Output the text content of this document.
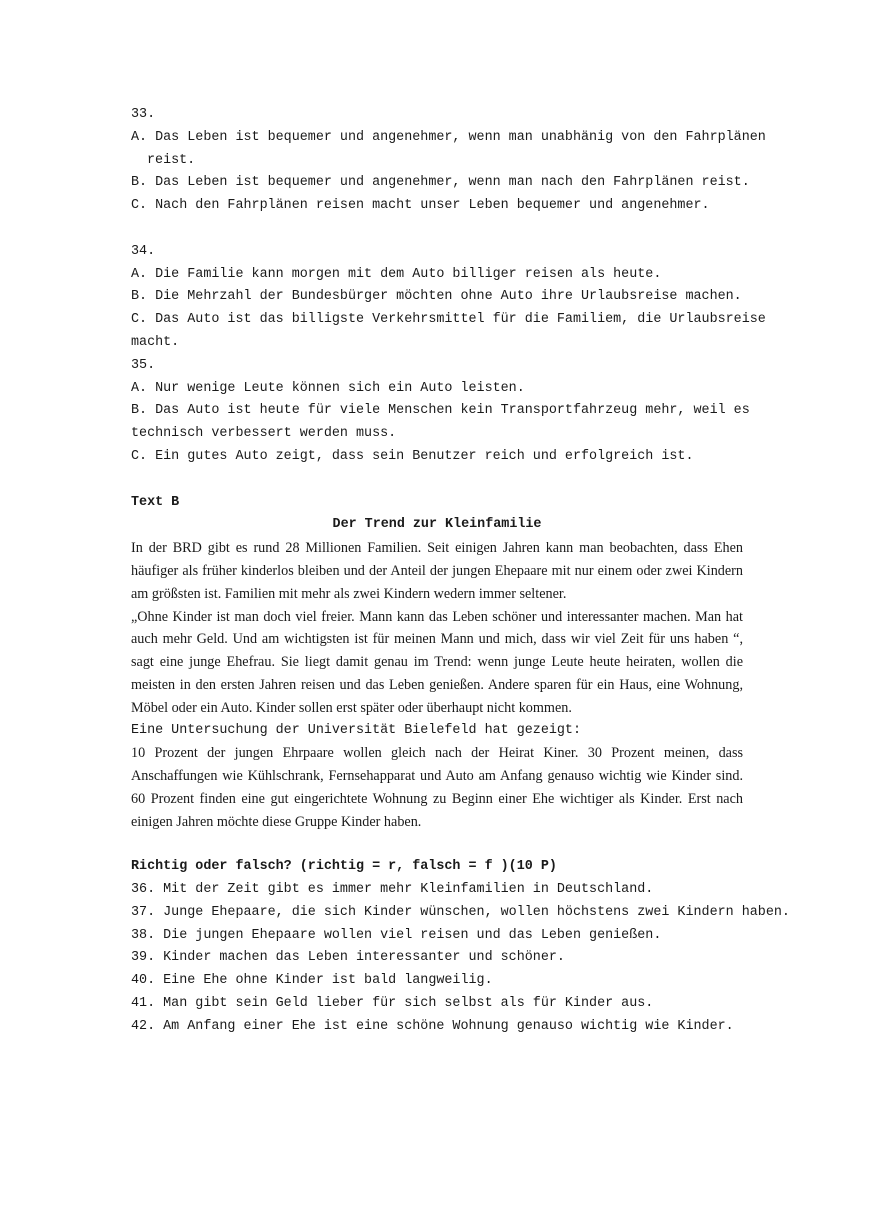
33.

A. Das Leben ist bequemer und angenehmer, wenn man unabhänig von den Fahrplänen

reist.

B. Das Leben ist bequemer und angenehmer, wenn man nach den Fahrplänen reist.

C. Nach den Fahrplänen reisen macht unser Leben bequemer und angenehmer.

34.

A. Die Familie kann morgen mit dem Auto billiger reisen als heute.

B. Die Mehrzahl der Bundesbürger möchten ohne Auto ihre Urlaubsreise machen.

C. Das Auto ist das billigste Verkehrsmittel für die Familiem, die Urlaubsreise

macht.

35.

A. Nur wenige Leute können sich ein Auto leisten.

B. Das Auto ist heute für viele Menschen kein Transportfahrzeug mehr, weil es

technisch verbessert werden muss.

C. Ein gutes Auto zeigt, dass sein Benutzer reich und erfolgreich ist.

Text B

Der Trend zur Kleinfamilie

In der BRD gibt es rund 28 Millionen Familien. Seit einigen Jahren kann man beobachten, dass Ehen häufiger als früher kinderlos bleiben und der Anteil der jungen Ehepaare mit nur einem oder zwei Kindern am größsten ist. Familien mit mehr als zwei Kindern wedern immer seltener.

„Ohne Kinder ist man doch viel freier. Mann kann das Leben schöner und interessanter machen. Man hat auch mehr Geld. Und am wichtigsten ist für meinen Mann und mich, dass wir viel Zeit für uns haben “, sagt eine junge Ehefrau. Sie liegt damit genau im Trend: wenn junge Leute heute heiraten, wollen die meisten in den ersten Jahren reisen und das Leben genießen. Andere sparen für ein Haus, eine Wohnung, Möbel oder ein Auto. Kinder sollen erst später oder überhaupt nicht kommen.

Eine Untersuchung der Universität Bielefeld hat gezeigt:

10 Prozent der jungen Ehrpaare wollen gleich nach der Heirat Kiner. 30 Prozent meinen, dass Anschaffungen wie Kühlschrank, Fernsehapparat und Auto am Anfang genauso wichtig wie Kinder sind. 60 Prozent finden eine gut eingerichtete Wohnung zu Beginn einer Ehe wichtiger als Kinder. Erst nach einigen Jahren möchte diese Gruppe Kinder haben.

Richtig oder falsch? (richtig = r, falsch = f )(10 P)

36. Mit der Zeit gibt es immer mehr Kleinfamilien in Deutschland.

37. Junge Ehepaare, die sich Kinder wünschen, wollen höchstens zwei Kindern haben.

38. Die jungen Ehepaare wollen viel reisen und das Leben genießen.

39. Kinder machen das Leben interessanter und schöner.

40. Eine Ehe ohne Kinder ist bald langweilig.

41. Man gibt sein Geld lieber für sich selbst als für Kinder aus.

42. Am Anfang einer Ehe ist eine schöne Wohnung genauso wichtig wie Kinder.
